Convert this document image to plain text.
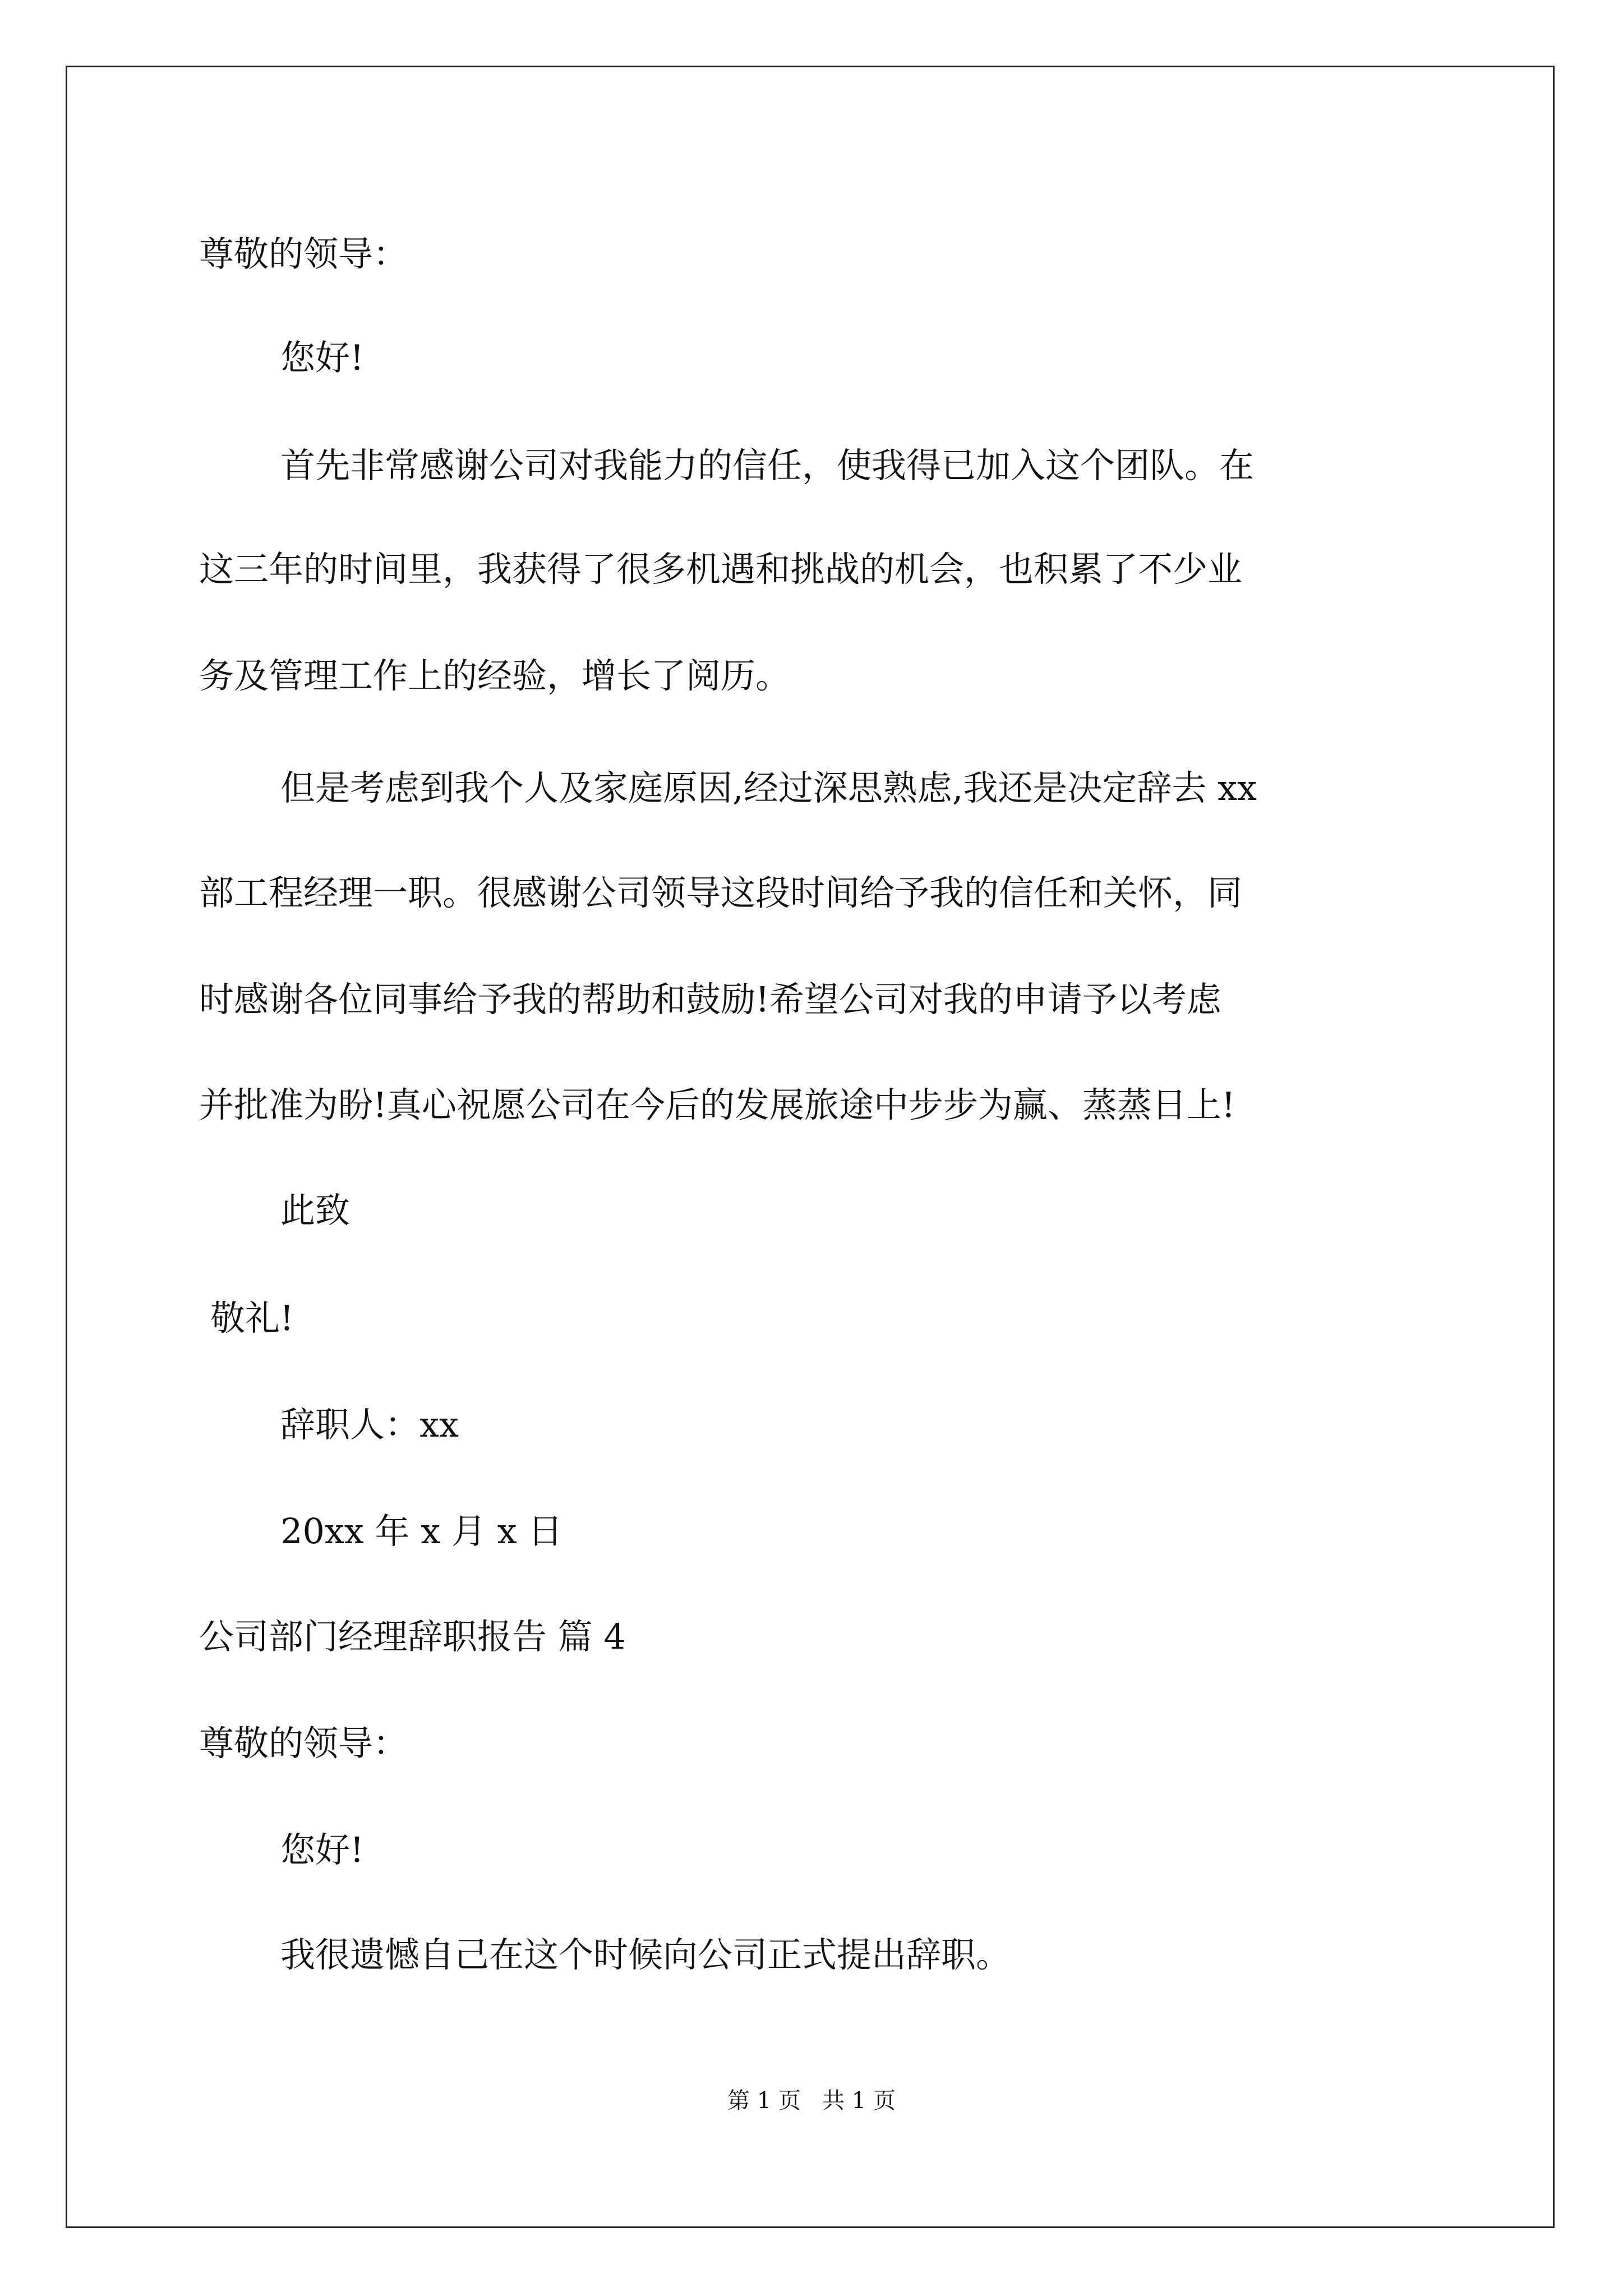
尊敬的领导：

您好!

首先非常感谢公司对我能力的信任，使我得已加入这个团队。在

这三年的时间里，我获得了很多机遇和挑战的机会，也积累了不少业

务及管理工作上的经验，增长了阅历。

但是考虑到我个人及家庭原因,经过深思熟虑,我还是决定辞去 xx

部工程经理一职。很感谢公司领导这段时间给予我的信任和关怀，同

时感谢各位同事给予我的帮助和鼓励!希望公司对我的申请予以考虑

并批准为盼!真心祝愿公司在今后的发展旅途中步步为赢、蒸蒸日上!

此致

敬礼!

辞职人：xx

20xx 年 x 月 x 日

公司部门经理辞职报告 篇 4

尊敬的领导：

您好!

我很遗憾自己在这个时候向公司正式提出辞职。

第 1 页   共 1 页
